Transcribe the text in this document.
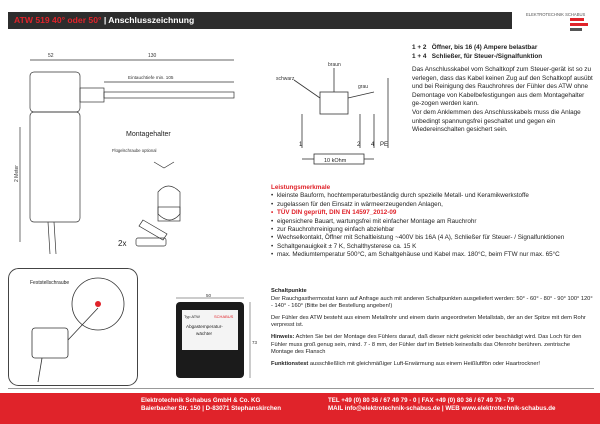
ATW 519 40° oder 50° | Anschlusszeichnung
ELEKTROTECHNIK SCHABUS
52	130
Eintauchtiefe min. 105
Montagehalter
Flügelschraube optional
2 Meter
2x
braun
schwarz
grau
1	2 4 PE
10 kOhm
1 + 2 Öffner, bis 16 (4) Ampere belastbar
1 + 4 Schließer, für Steuer-/Signalfunktion

Das Anschlusskabel vom Schaltkopf zum Steuer-gerät ist so zu verlegen, dass das Kabel keinen Zug auf den Schaltkopf ausübt und bei Reinigung des Rauchrohres der Fühler des ATW ohne Demontage von Kabelbefestigungen aus dem Montagehalter ge-zogen werden kann.

Vor dem Anklemmen des Anschlusskabels muss die Anlage unbedingt spannungsfrei geschaltet und gegen ein Wiedereinschalten gesichert sein.

Leistungsmerkmale
• kleinste Bauform, hochtemperaturbeständig durch spezielle Metall- und Keramikwerkstoffe
• zugelassen für den Einsatz in wärmeerzeugenden Anlagen,
• TÜV DIN geprüft, DIN EN 14597_2012-09
• eigensichere Bauart, wartungsfrei mit einfacher Montage am Rauchrohr
• zur Rauchrohrreinigung einfach abziehbar
• Wechselkontakt, Öffner mit Schaltleistung ~400V bis 16A (4 A), Schließer für Steuer- / Signalfunktionen
• Schaltgenauigkeit ± 7 K, Schalthysterese ca. 15 K
• max. Mediumtemperatur 500°C, am Schaltgehäuse und Kabel max. 180°C, beim FTW nur max. 65°C
Feststellschraube
Typ ATW	SCHABUS
Abgastemperatur-
wächter
50
73

Schaltpunkte
Der Rauchgasthermostat kann auf Anfrage auch mit anderen Schaltpunkten ausgeliefert werden: 50° - 60° - 80° - 90° 100° 120° - 140° - 160° (Bitte bei der Bestellung angeben!)

Der Fühler des ATW besteht aus einem Metallrohr und einem darin angeordneten Metallstab, der an der Spitze mit dem Rohr verpresst ist.

Hinweis: Achten Sie bei der Montage des Fühlers darauf, daß dieser nicht geknickt oder beschädigt wird. Das Loch für den Fühler muss groß genug sein, mind. 7 - 8 mm, der Fühler darf im Betrieb keinesfalls das Ofenrohr berühren. zentrische Montage des Flansch

Funktionstest ausschließlich mit gleichmäßiger Luft-Erwärmung aus einem Heißluftfön oder Haartrockner!

Elektrotechnik Schabus GmbH & Co. KG
Baierbacher Str. 150 | D-83071 Stephanskirchen
TEL +49 (0) 80 36 / 67 49 79 - 0 | FAX +49 (0) 80 36 / 67 49 79 - 79
MAIL info@elektrotechnik-schabus.de | WEB www.elektrotechnik-schabus.de
